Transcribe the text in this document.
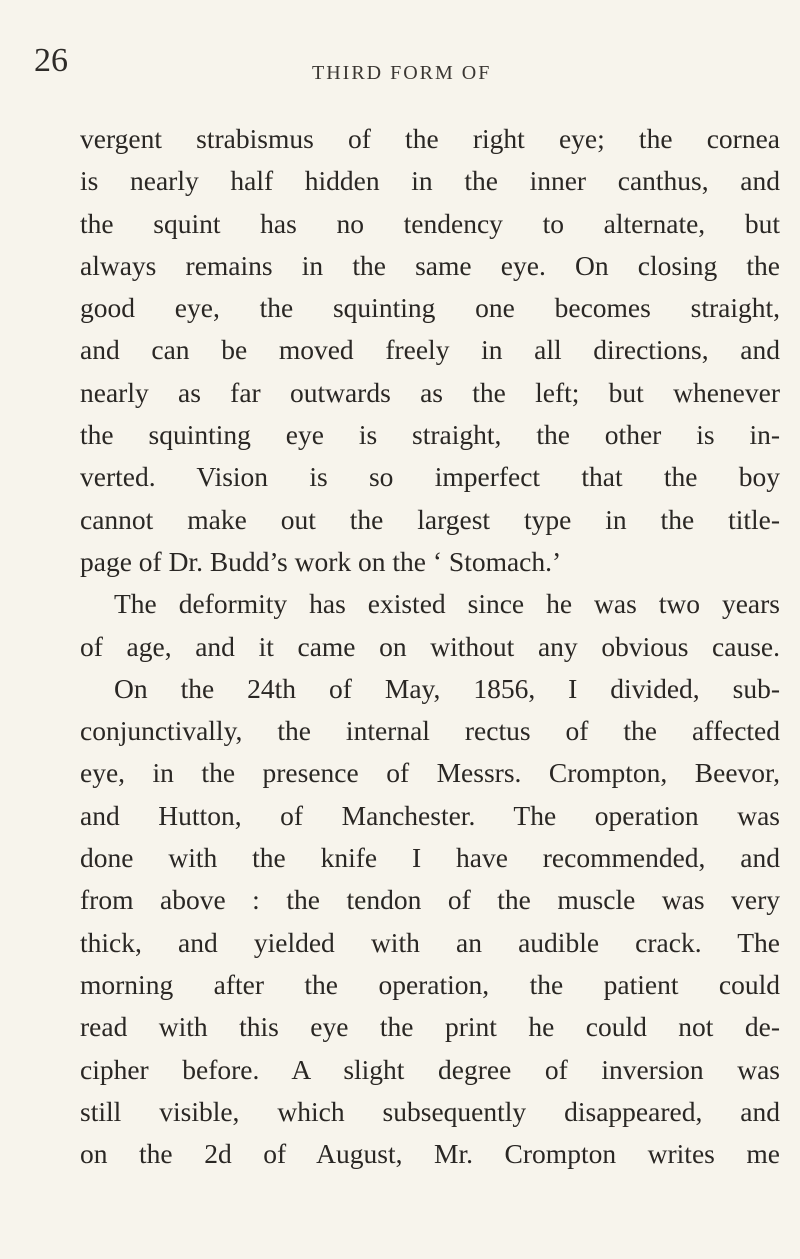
26	THIRD FORM OF
vergent strabismus of the right eye; the cornea
is nearly half hidden in the inner canthus, and
the squint has no tendency to alternate, but
always remains in the same eye. On closing the
good eye, the squinting one becomes straight,
and can be moved freely in all directions, and
nearly as far outwards as the left; but whenever
the squinting eye is straight, the other is in-
verted. Vision is so imperfect that the boy
cannot make out the largest type in the title-
page of Dr. Budd’s work on the ‘ Stomach.’
The deformity has existed since he was two years
of age, and it came on without any obvious cause.
On the 24th of May, 1856, I divided, sub-
conjunctivally, the internal rectus of the affected
eye, in the presence of Messrs. Crompton, Beevor,
and Hutton, of Manchester. The operation was
done with the knife I have recommended, and
from above : the tendon of the muscle was very
thick, and yielded with an audible crack. The
morning after the operation, the patient could
read with this eye the print he could not de-
cipher before. A slight degree of inversion was
still visible, which subsequently disappeared, and
on the 2d of August, Mr. Crompton writes me
